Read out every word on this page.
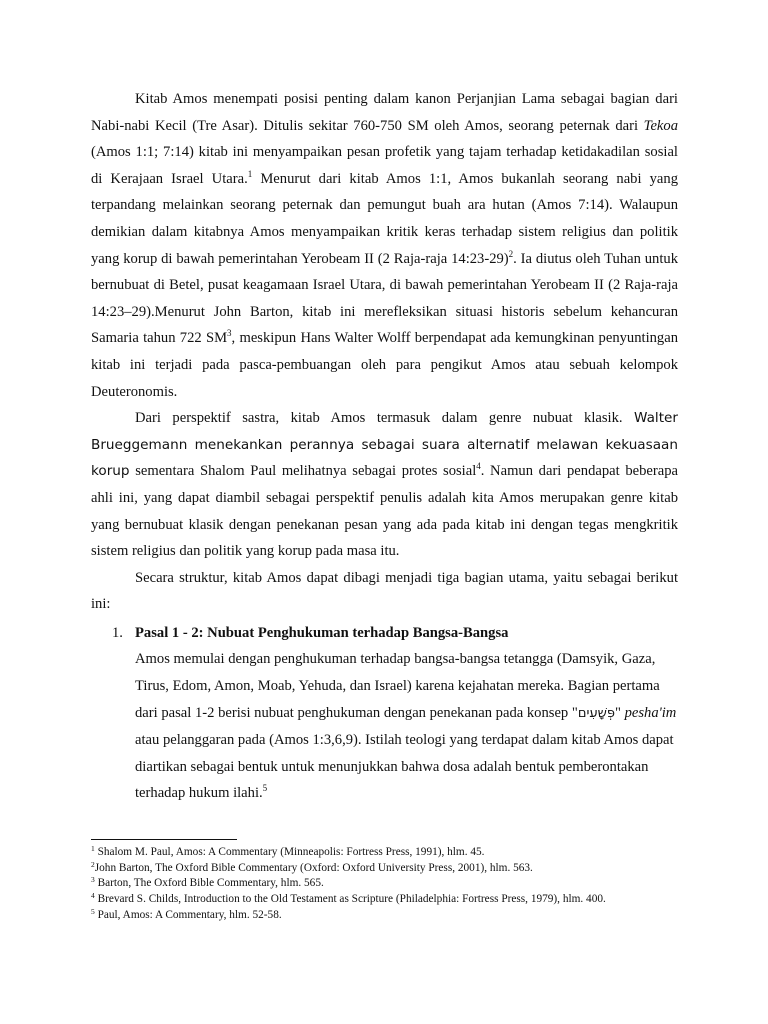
Kitab Amos menempati posisi penting dalam kanon Perjanjian Lama sebagai bagian dari Nabi-nabi Kecil (Tre Asar). Ditulis sekitar 760-750 SM oleh Amos, seorang peternak dari Tekoa (Amos 1:1; 7:14) kitab ini menyampaikan pesan profetik yang tajam terhadap ketidakadilan sosial di Kerajaan Israel Utara.$^1$ Menurut dari kitab Amos 1:1, Amos bukanlah seorang nabi yang terpandang melainkan seorang peternak dan pemungut buah ara hutan (Amos 7:14). Walaupun demikian dalam kitabnya Amos menyampaikan kritik keras terhadap sistem religius dan politik yang korup di bawah pemerintahan Yerobeam II (2 Raja-raja 14:23-29)$^2$. Ia diutus oleh Tuhan untuk bernubuat di Betel, pusat keagamaan Israel Utara, di bawah pemerintahan Yerobeam II (2 Raja-raja 14:23–29).Menurut John Barton, kitab ini merefleksikan situasi historis sebelum kehancuran Samaria tahun 722 $SM^3$, meskipun Hans Walter Wolff berpendapat ada kemungkinan penyuntingan kitab ini terjadi pada pasca-pembuangan oleh para pengikut Amos atau sebuah kelompok Deuteronomis.

Dari perspektif sastra, kitab Amos termasuk dalam genre nubuat klasik. Walter Brueggemann menekankan perannya sebagai suara alternatif melawan kekuasaan korup sementara Shalom Paul melihatnya sebagai protes sosial$^4$. Namun dari pendapat beberapa ahli ini, yang dapat diambil sebagai perspektif penulis adalah kita Amos merupakan genre kitab yang bernubuat klasik dengan penekanan pesan yang ada pada kitab ini dengan tegas mengkritik sistem religius dan politik yang korup pada masa itu.

Secara struktur, kitab Amos dapat dibagi menjadi tiga bagian utama, yaitu sebagai berikut ini:

1. Pasal 1 - 2: Nubuat Penghukuman terhadap Bangsa-Bangsa
Amos memulai dengan penghukuman terhadap bangsa-bangsa tetangga (Damsyik, Gaza, Tirus, Edom, Amon, Moab, Yehuda, dan Israel) karena kejahatan mereka. Bagian pertama dari pasal 1-2 berisi nubuat penghukuman dengan penekanan pada konsep "פְּשָׁעִים" pesha'im atau pelanggaran pada (Amos 1:3,6,9). Istilah teologi yang terdapat dalam kitab Amos dapat diartikan sebagai bentuk untuk menunjukkan bahwa dosa adalah bentuk pemberontakan terhadap hukum ilahi.$^5$
$^1$ Shalom M. Paul, Amos: A Commentary (Minneapolis: Fortress Press, 1991), hlm. 45.
$^2$John Barton, The Oxford Bible Commentary (Oxford: Oxford University Press, 2001), hlm. 563.
$^3$ Barton, The Oxford Bible Commentary, hlm. 565.
$^4$ Brevard S. Childs, Introduction to the Old Testament as Scripture (Philadelphia: Fortress Press, 1979), hlm. 400.
$^5$ Paul, Amos: A Commentary, hlm. 52-58.
